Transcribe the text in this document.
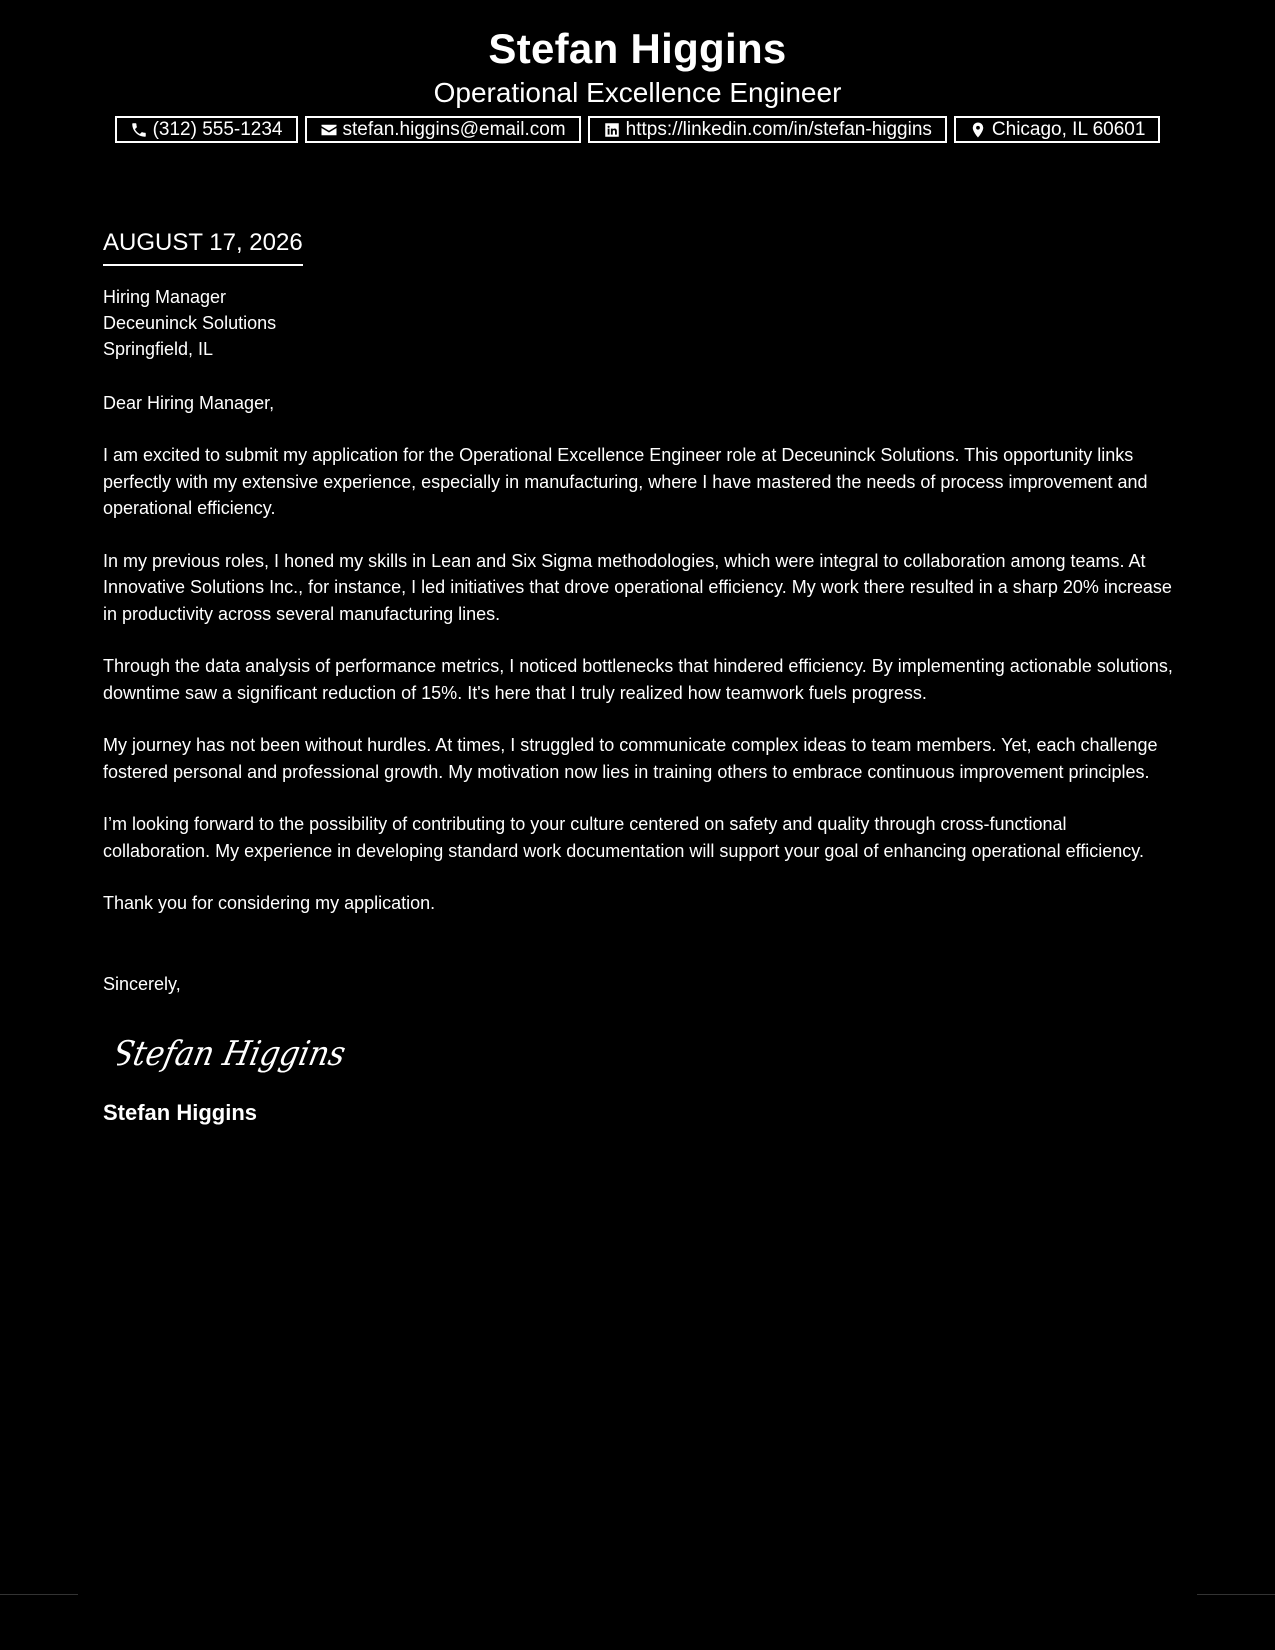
Stefan Higgins
Operational Excellence Engineer
(312) 555-1234	stefan.higgins@email.com	https://linkedin.com/in/stefan-higgins	Chicago, IL 60601
AUGUST 17, 2026
Hiring Manager
Deceuninck Solutions
Springfield, IL
Dear Hiring Manager,
I am excited to submit my application for the Operational Excellence Engineer role at Deceuninck Solutions. This opportunity links perfectly with my extensive experience, especially in manufacturing, where I have mastered the needs of process improvement and operational efficiency.
In my previous roles, I honed my skills in Lean and Six Sigma methodologies, which were integral to collaboration among teams. At Innovative Solutions Inc., for instance, I led initiatives that drove operational efficiency. My work there resulted in a sharp 20% increase in productivity across several manufacturing lines.
Through the data analysis of performance metrics, I noticed bottlenecks that hindered efficiency. By implementing actionable solutions, downtime saw a significant reduction of 15%. It's here that I truly realized how teamwork fuels progress.
My journey has not been without hurdles. At times, I struggled to communicate complex ideas to team members. Yet, each challenge fostered personal and professional growth. My motivation now lies in training others to embrace continuous improvement principles.
I’m looking forward to the possibility of contributing to your culture centered on safety and quality through cross-functional collaboration. My experience in developing standard work documentation will support your goal of enhancing operational efficiency.
Thank you for considering my application.
Sincerely,
Stefan Higgins
Stefan Higgins
